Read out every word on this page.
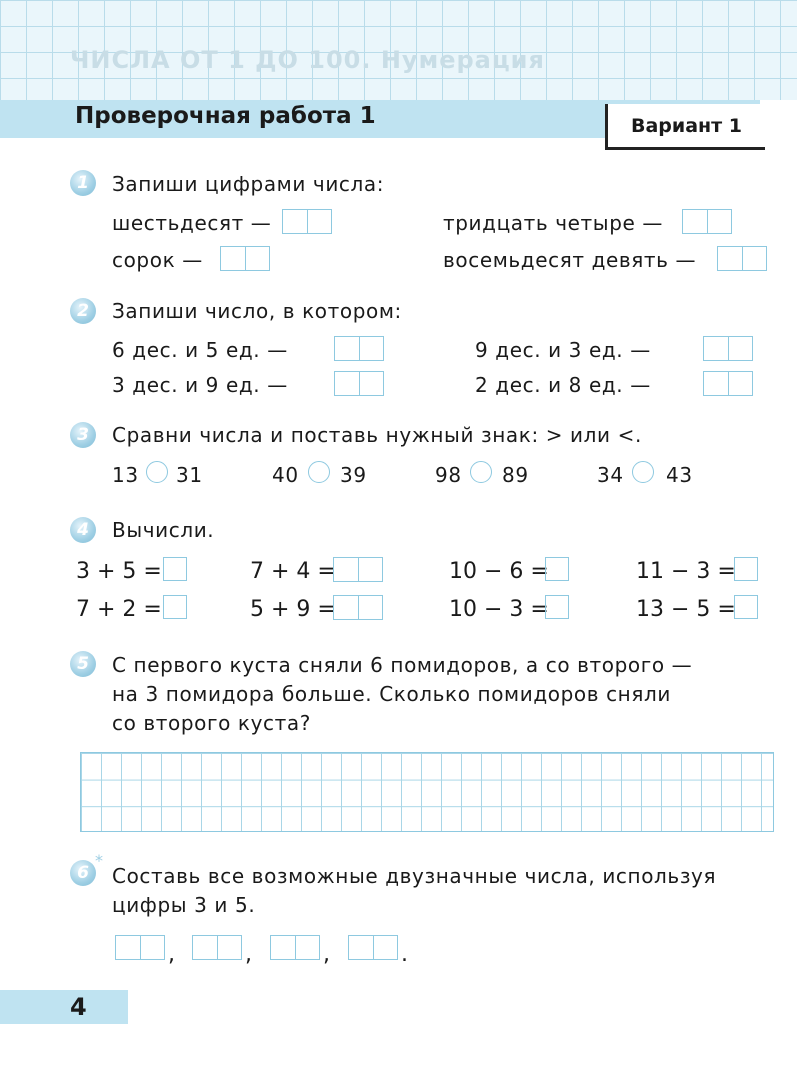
ЧИСЛА ОТ 1 ДО 100. Нумерация
Проверочная работа 1	Вариант 1
1	Запиши цифрами числа:
шестьдесят —	тридцать четыре —
сорок —	восемьдесят девять —
2	Запиши число, в котором:
6 дес. и 5 ед. —	9 дес. и 3 ед. —
3 дес. и 9 ед. —	2 дес. и 8 ед. —
3	Сравни числа и поставь нужный знак: > или <.
13 31	40 39	98 89	34 43
4	Вычисли.
3 + 5 =	7 + 4 =	10 − 6 =	11 − 3 =
7 + 2 =	5 + 9 =	10 − 3 =	13 − 5 =
5	С первого куста сняли 6 помидоров, а со второго —
на 3 помидора больше. Сколько помидоров сняли
со второго куста?
6
*
Составь все возможные двузначные числа, используя
цифры 3 и 5.
,	,	,	.
4
